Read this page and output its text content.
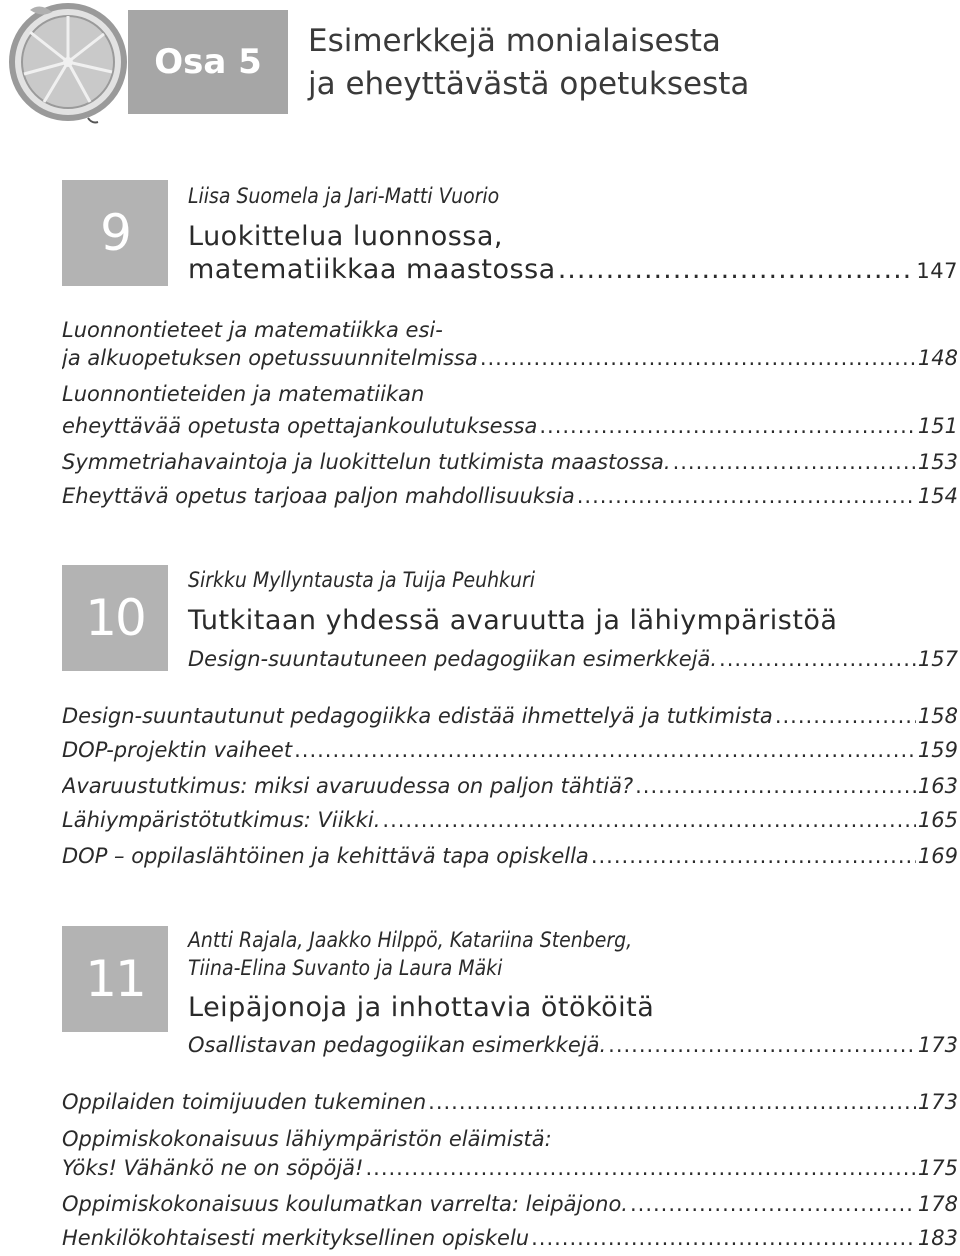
Osa 5
Esimerkkejä monialaisesta
ja eheyttävästä opetuksesta
9
Liisa Suomela ja Jari-Matti Vuorio
Luokittelua luonnossa,
matematiikkaa maastossa .....	147
Luonnontieteet ja matematiikka esi-
ja alkuopetuksen opetussuunnitelmissa .....	148
Luonnontieteiden ja matematiikan
eheyttävää opetusta opettajankoulutuksessa .....	151
Symmetriahavaintoja ja luokittelun tutkimista maastossa. .....	153
Eheyttävä opetus tarjoaa paljon mahdollisuuksia .....	154
10
Sirkku Myllyntausta ja Tuija Peuhkuri
Tutkitaan yhdessä avaruutta ja lähiympäristöä
Design-suuntautuneen pedagogiikan esimerkkejä. .....	157
Design-suuntautunut pedagogiikka edistää ihmettelyä ja tutkimista .....	158
DOP-projektin vaiheet .....	159
Avaruustutkimus: miksi avaruudessa on paljon tähtiä? .....	163
Lähiympäristötutkimus: Viikki. .....	165
DOP – oppilaslähtöinen ja kehittävä tapa opiskella .....	169
11
Antti Rajala, Jaakko Hilppö, Katariina Stenberg,
Tiina-Elina Suvanto ja Laura Mäki
Leipäjonoja ja inhottavia ötököitä
Osallistavan pedagogiikan esimerkkejä. .....	173
Oppilaiden toimijuuden tukeminen .....	173
Oppimiskokonaisuus lähiympäristön eläimistä:
Yöks! Vähänkö ne on söpöjä! .....	175
Oppimiskokonaisuus koulumatkan varrelta: leipäjono. .....	178
Henkilökohtaisesti merkityksellinen opiskelu .....	183
